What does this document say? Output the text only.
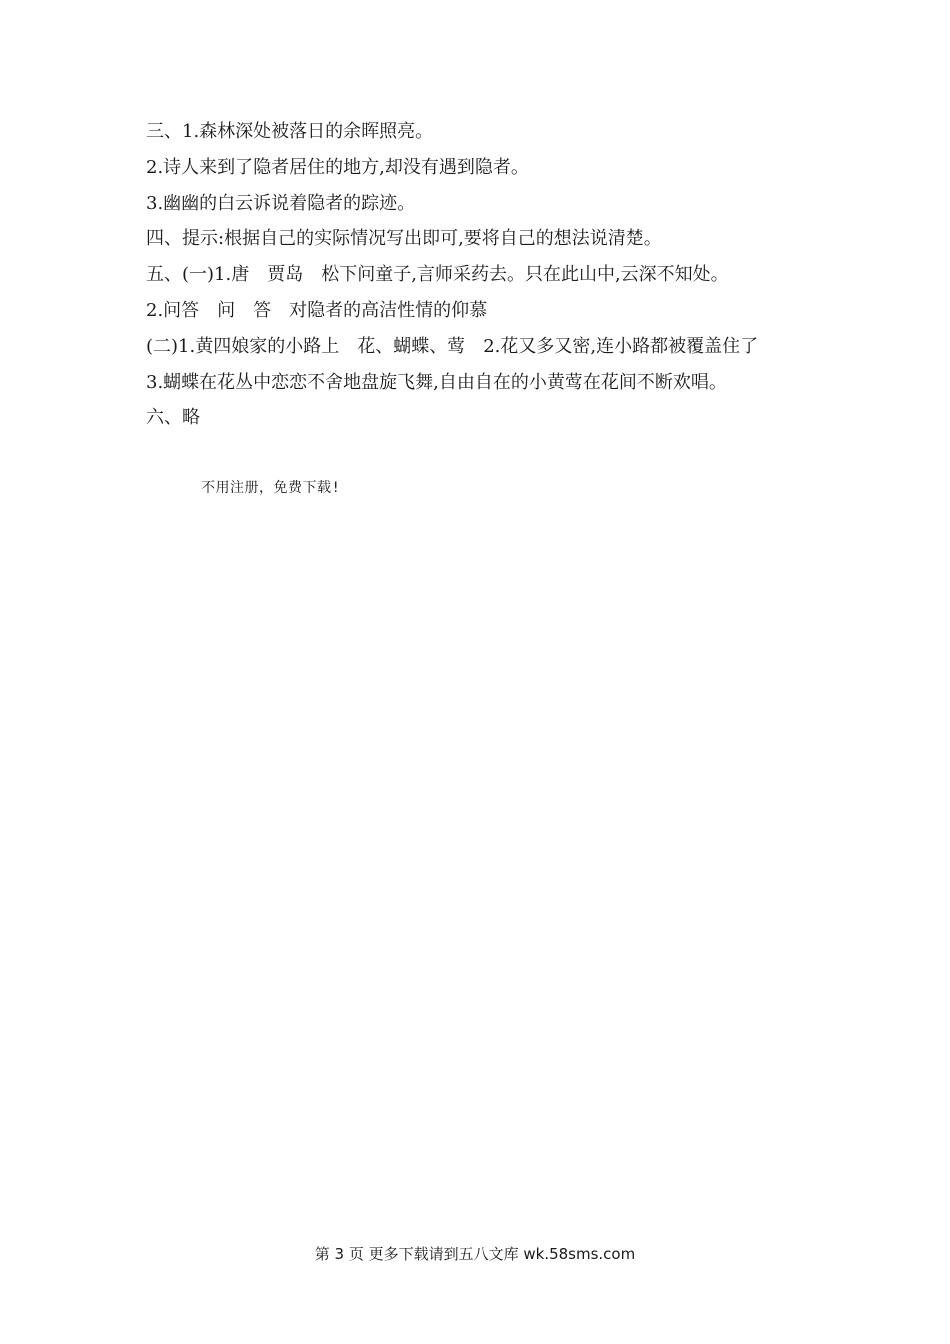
三、1.森林深处被落日的余晖照亮。
2.诗人来到了隐者居住的地方,却没有遇到隐者。
3.幽幽的白云诉说着隐者的踪迹。
四、提示:根据自己的实际情况写出即可,要将自己的想法说清楚。
五、(一)1.唐　贾岛　松下问童子,言师采药去。只在此山中,云深不知处。
2.问答　问　答　对隐者的高洁性情的仰慕
(二)1.黄四娘家的小路上　花、蝴蝶、莺　2.花又多又密,连小路都被覆盖住了
3.蝴蝶在花丛中恋恋不舍地盘旋飞舞,自由自在的小黄莺在花间不断欢唱。
六、略
不用注册，免费下载!
第 3 页 更多下载请到五八文库 wk.58sms.com
